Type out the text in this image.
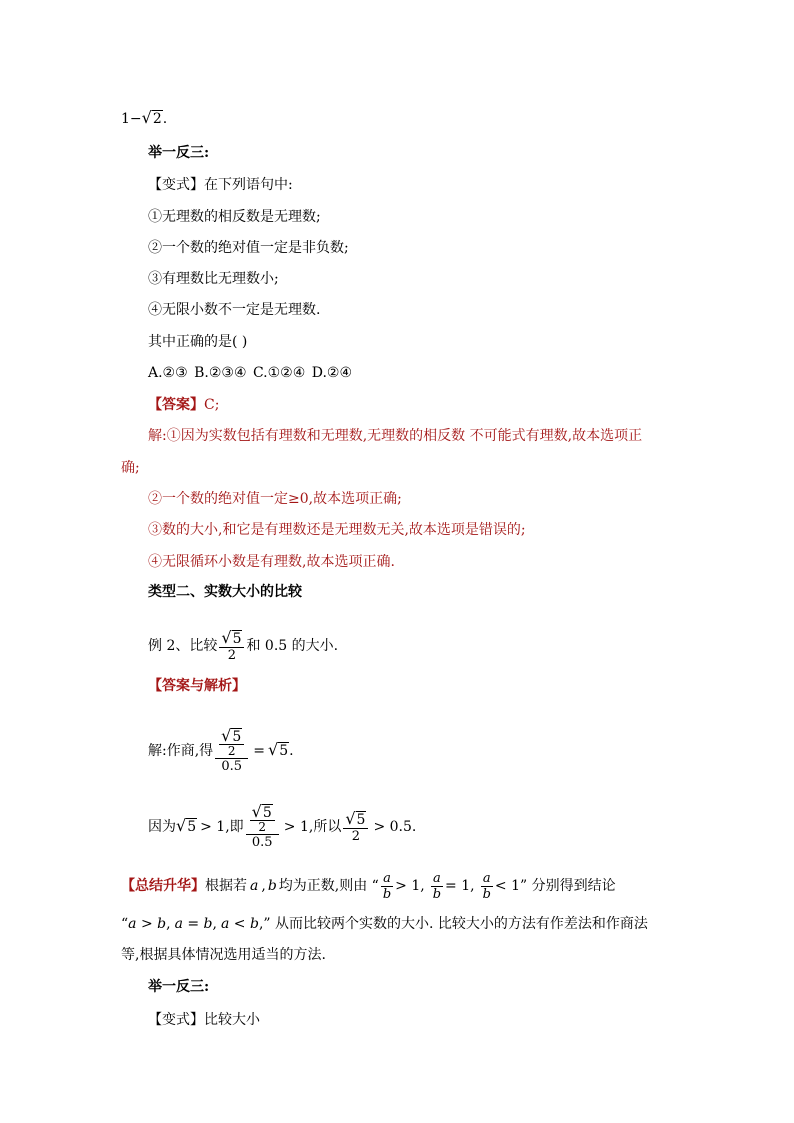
1−√2.
举一反三:
【变式】在下列语句中:
①无理数的相反数是无理数;
②一个数的绝对值一定是非负数;
③有理数比无理数小;
④无限小数不一定是无理数.
其中正确的是( )
A.②③ B.②③④ C.①②④ D.②④
【答案】C;
解:①因为实数包括有理数和无理数,无理数的相反数 不可能式有理数,故本选项正
确;
②一个数的绝对值一定≥0,故本选项正确;
③数的大小,和它是有理数还是无理数无关,故本选项是错误的;
④无限循环小数是有理数,故本选项正确.
类型二、实数大小的比较
例 2、比较 $\frac{√5}{2}$ 和 0.5 的大小.
【答案与解析】
解:作商,得 $\frac{\frac{√5}{2}}{0.5} = √5$.
因为√5 > 1,即 $\frac{\frac{√5}{2}}{0.5} > 1$,所以 $\frac{√5}{2} > 0.5$.
【总结升华】根据若 a , b 均为正数,则由 “ $\frac{a}{b} > 1$, $\frac{a}{b} = 1$, $\frac{a}{b} < 1$” 分别得到结论
“a > b, a = b, a < b,” 从而比较两个实数的大小. 比较大小的方法有作差法和作商法
等,根据具体情况选用适当的方法.
举一反三:
【变式】比较大小
